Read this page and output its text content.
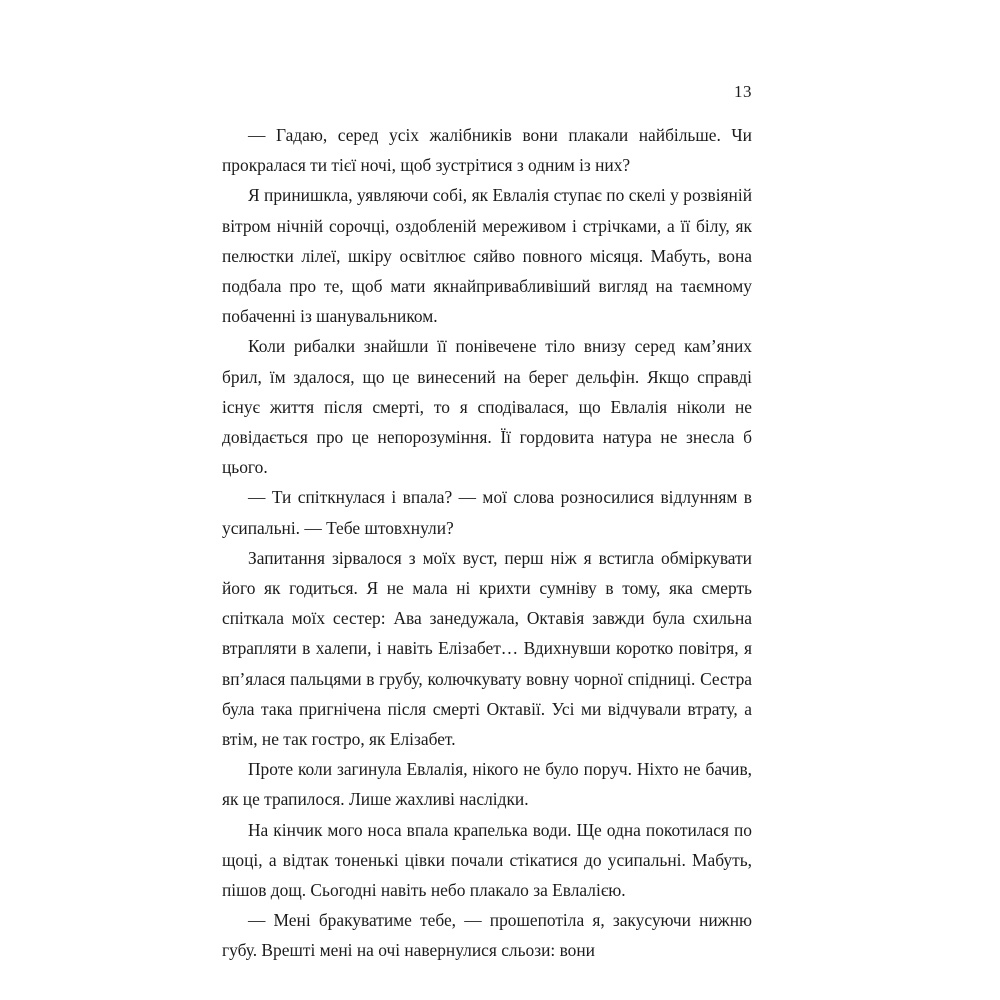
13

— Гадаю, серед усіх жалібників вони плакали найбільше. Чи прокралася ти тієї ночі, щоб зустрітися з одним із них?

Я принишкла, уявляючи собі, як Евлалія ступає по скелі у розвіяній вітром нічній сорочці, оздобленій мереживом і стрічками, а її білу, як пелюстки лілеї, шкіру освітлює сяйво повного місяця. Мабуть, вона подбала про те, щоб мати якнайпривабливіший вигляд на таємному побаченні із шанувальником.

Коли рибалки знайшли її понівечене тіло внизу серед кам’яних брил, їм здалося, що це винесений на берег дельфін. Якщо справді існує життя після смерті, то я сподівалася, що Евлалія ніколи не довідається про це непорозуміння. Її гордовита натура не знесла б цього.

— Ти спіткнулася і впала? — мої слова розносилися відлунням в усипальні. — Тебе штовхнули?

Запитання зірвалося з моїх вуст, перш ніж я встигла обміркувати його як годиться. Я не мала ні крихти сумніву в тому, яка смерть спіткала моїх сестер: Ава занедужала, Октавія завжди була схильна втрапляти в халепи, і навіть Елізабет… Вдихнувши коротко повітря, я вп’ялася пальцями в грубу, колючкувату вовну чорної спідниці. Сестра була така пригнічена після смерті Октавії. Усі ми відчували втрату, а втім, не так гостро, як Елізабет.

Проте коли загинула Евлалія, нікого не було поруч. Ніхто не бачив, як це трапилося. Лише жахливі наслідки.

На кінчик мого носа впала крапелька води. Ще одна покотилася по щоці, а відтак тоненькі цівки почали стікатися до усипальні. Мабуть, пішов дощ. Сьогодні навіть небо плакало за Евлалією.

— Мені бракуватиме тебе, — прошепотіла я, закусуючи нижню губу. Врешті мені на очі навернулися сльози: вони
